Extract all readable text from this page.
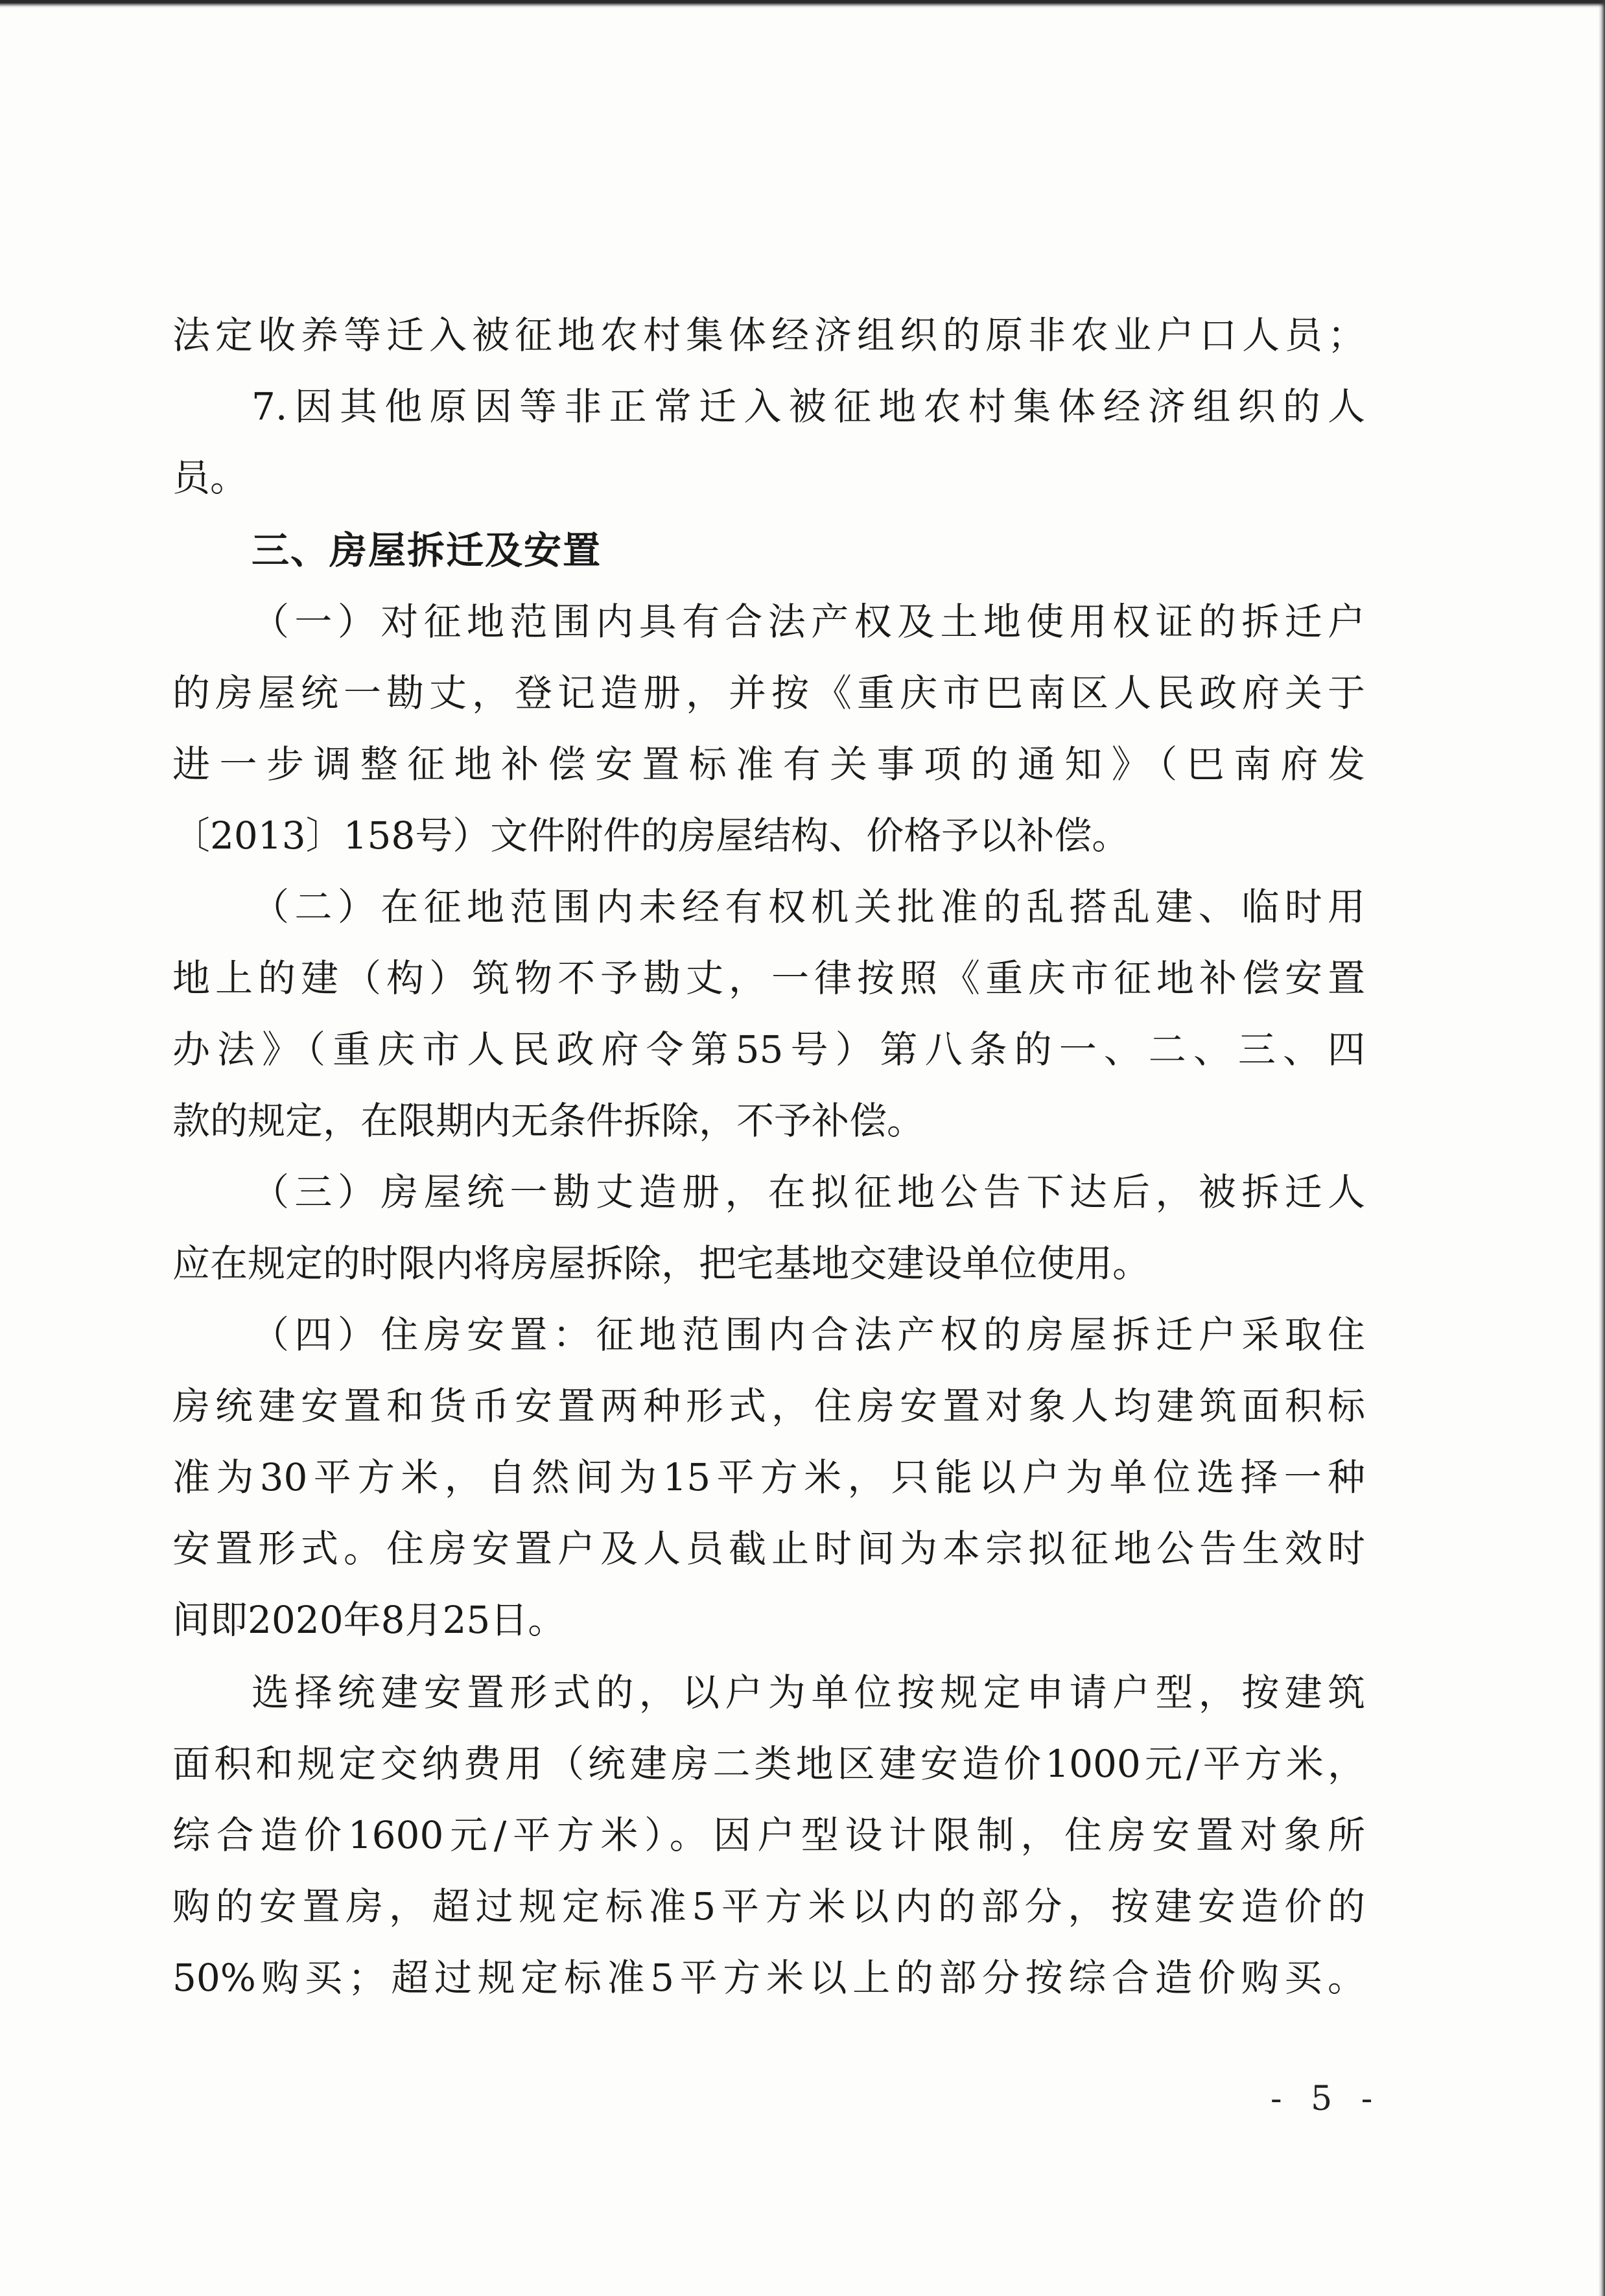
法定收养等迁入被征地农村集体经济组织的原非农业户口人员；
7.因其他原因等非正常迁入被征地农村集体经济组织的人
员。
三、房屋拆迁及安置
（一）对征地范围内具有合法产权及土地使用权证的拆迁户
的房屋统一勘丈，登记造册，并按《重庆市巴南区人民政府关于
进一步调整征地补偿安置标准有关事项的通知》（巴南府发
〔2013〕158号）文件附件的房屋结构、价格予以补偿。
（二）在征地范围内未经有权机关批准的乱搭乱建、临时用
地上的建（构）筑物不予勘丈，一律按照《重庆市征地补偿安置
办法》（重庆市人民政府令第55号）第八条的一、二、三、四
款的规定，在限期内无条件拆除，不予补偿。
（三）房屋统一勘丈造册，在拟征地公告下达后，被拆迁人
应在规定的时限内将房屋拆除，把宅基地交建设单位使用。
（四）住房安置：征地范围内合法产权的房屋拆迁户采取住
房统建安置和货币安置两种形式，住房安置对象人均建筑面积标
准为30平方米，自然间为15平方米，只能以户为单位选择一种
安置形式。住房安置户及人员截止时间为本宗拟征地公告生效时
间即2020年8月25日。
选择统建安置形式的，以户为单位按规定申请户型，按建筑
面积和规定交纳费用（统建房二类地区建安造价1000元/平方米，
综合造价1600元/平方米）。因户型设计限制，住房安置对象所
购的安置房，超过规定标准5平方米以内的部分，按建安造价的
50%购买；超过规定标准5平方米以上的部分按综合造价购买。
- 5 -
